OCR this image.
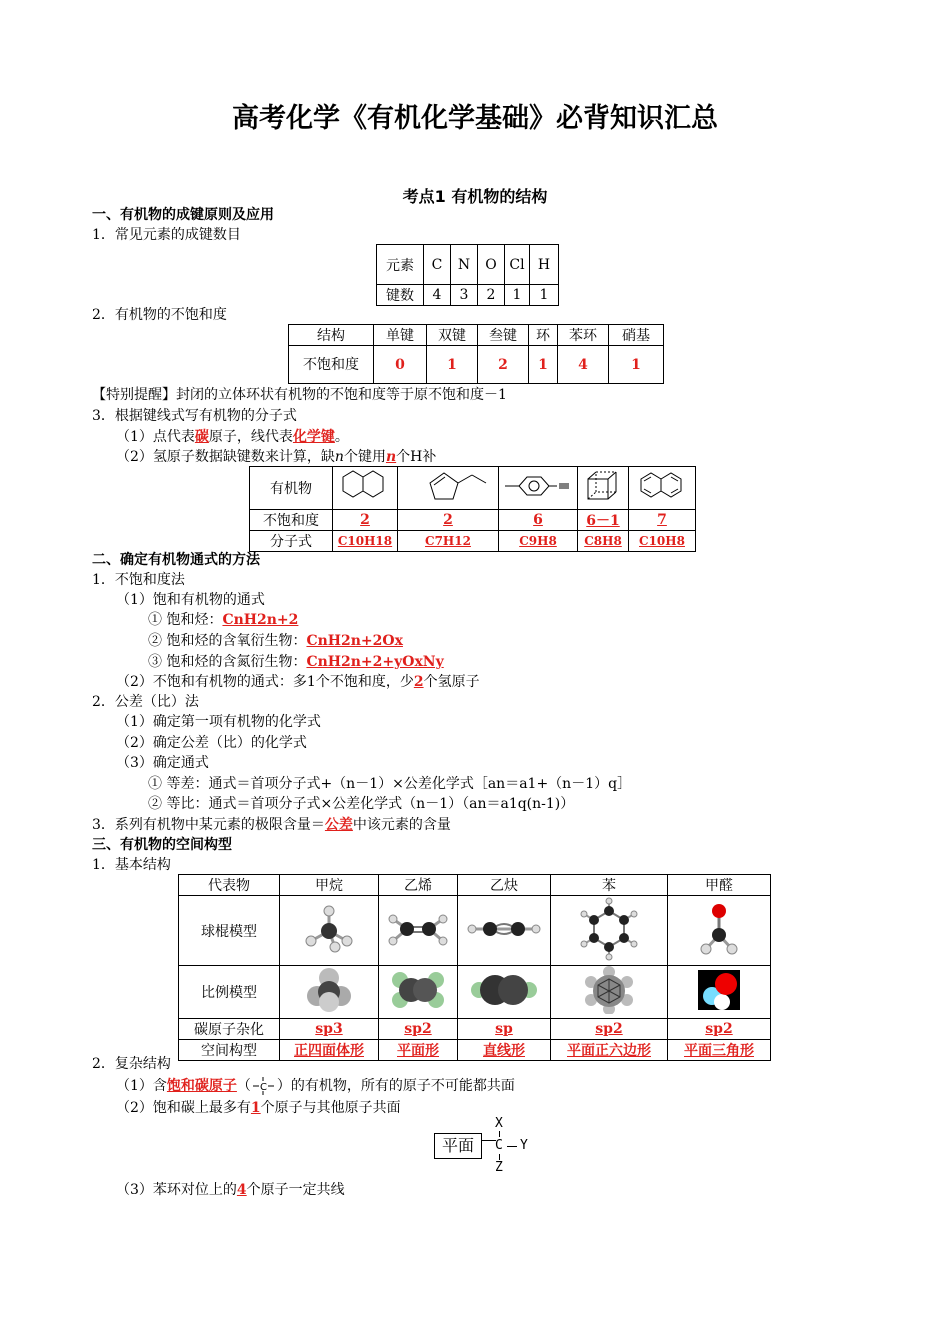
高考化学《有机化学基础》必背知识汇总
考点1 有机物的结构
一、有机物的成键原则及应用
1．常见元素的成键数目
元素	C	N	O	Cl	H
键数	4	3	2	1	1
2．有机物的不饱和度
结构	单键	双键	叁键	环	苯环	硝基
不饱和度	0	1	2	1	4	1
【特别提醒】封闭的立体环状有机物的不饱和度等于原不饱和度－1
3．根据键线式写有机物的分子式
（1）点代表碳原子，线代表化学键。
（2）氢原子数据缺键数来计算，缺n个键用n个H补
有机物					
不饱和度	2	2	6	6－1	7
分子式	C10H18	C7H12	C9H8	C8H8	C10H8
二、确定有机物通式的方法
1．不饱和度法
（1）饱和有机物的通式
① 饱和烃：CnH2n+2
② 饱和烃的含氧衍生物：CnH2n+2Ox
③ 饱和烃的含氮衍生物：CnH2n+2+yOxNy
（2）不饱和有机物的通式：多1个不饱和度，少2个氢原子
2．公差（比）法
（1）确定第一项有机物的化学式
（2）确定公差（比）的化学式
（3）确定通式
① 等差：通式＝首项分子式+（n－1）×公差化学式［an＝a1+（n－1）q］
② 等比：通式＝首项分子式×公差化学式（n－1）（an＝a1q(n-1)）
3．系列有机物中某元素的极限含量＝公差中该元素的含量
三、有机物的空间构型
1．基本结构
代表物	甲烷	乙烯	乙炔	苯	甲醛
球棍模型					
比例模型					
碳原子杂化	sp3	sp2	sp	sp2	sp2
空间构型	正四面体形	平面形	直线形	平面正六边形	平面三角形
2．复杂结构
（1）含饱和碳原子（ C ）的有机物，所有的原子不可能都共面
（2）饱和碳上最多有1个原子与其他原子共面
平面
X
C Y
Z
（3）苯环对位上的4个原子一定共线
